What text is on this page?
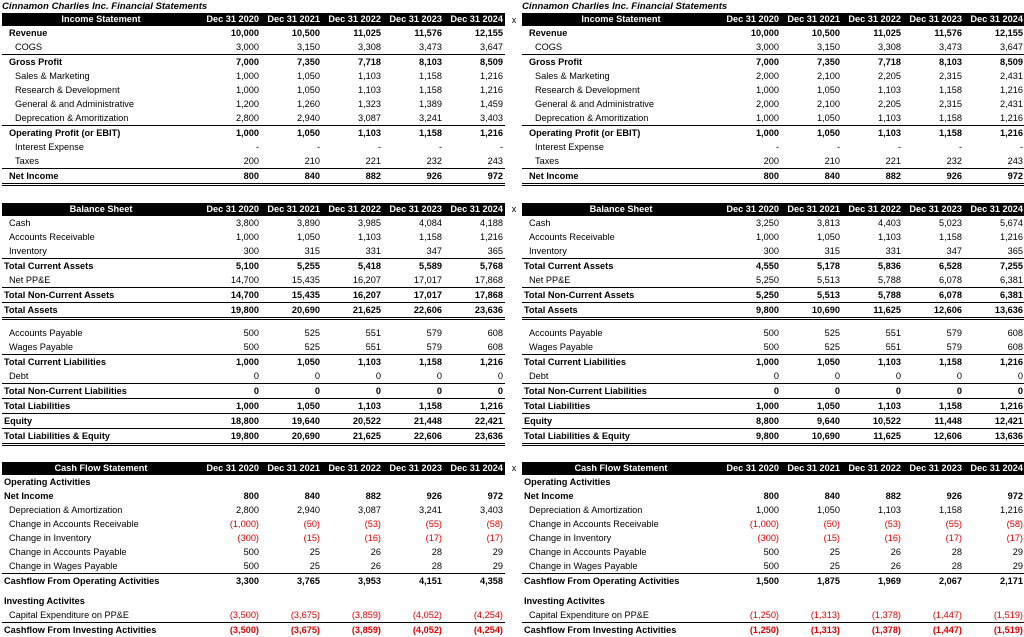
Cinnamon Charlies Inc. Financial Statements
Income Statement	Dec 31 2020	Dec 31 2021	Dec 31 2022	Dec 31 2023	Dec 31 2024
Revenue	10,000	10,500	11,025	11,576	12,155
COGS	3,000	3,150	3,308	3,473	3,647
Gross Profit	7,000	7,350	7,718	8,103	8,509
Sales & Marketing	1,000	1,050	1,103	1,158	1,216
Research & Development	1,000	1,050	1,103	1,158	1,216
General & and Administrative	1,200	1,260	1,323	1,389	1,459
Deprecation & Amoritization	2,800	2,940	3,087	3,241	3,403
Operating Profit (or EBIT)	1,000	1,050	1,103	1,158	1,216
Interest Expense	-	-	-	-	-
Taxes	200	210	221	232	243
Net Income	800	840	882	926	972
Balance Sheet	Dec 31 2020	Dec 31 2021	Dec 31 2022	Dec 31 2023	Dec 31 2024
Cash	3,800	3,890	3,985	4,084	4,188
Accounts Receivable	1,000	1,050	1,103	1,158	1,216
Inventory	300	315	331	347	365
Total Current Assets	5,100	5,255	5,418	5,589	5,768
Net PP&E	14,700	15,435	16,207	17,017	17,868
Total Non-Current Assets	14,700	15,435	16,207	17,017	17,868
Total Assets	19,800	20,690	21,625	22,606	23,636

Accounts Payable	500	525	551	579	608
Wages Payable	500	525	551	579	608
Total Current Liabilities	1,000	1,050	1,103	1,158	1,216
Debt	0	0	0	0	0
Total Non-Current Liabilities	0	0	0	0	0
Total Liabilities	1,000	1,050	1,103	1,158	1,216
Equity	18,800	19,640	20,522	21,448	22,421
Total Liabilities & Equity	19,800	20,690	21,625	22,606	23,636
Cash Flow Statement	Dec 31 2020	Dec 31 2021	Dec 31 2022	Dec 31 2023	Dec 31 2024
Operating Activities					
Net Income	800	840	882	926	972
Depreciation & Amortization	2,800	2,940	3,087	3,241	3,403
Change in Accounts Receivable	(1,000)	(50)	(53)	(55)	(58)
Change in Inventory	(300)	(15)	(16)	(17)	(17)
Change in Accounts Payable	500	25	26	28	29
Change in Wages Payable	500	25	26	28	29
Cashflow From Operating Activities	3,300	3,765	3,953	4,151	4,358

Investing Activites					
Capital Expenditure on PP&E	(3,500)	(3,675)	(3,859)	(4,052)	(4,254)
Cashflow From Investing Activities	(3,500)	(3,675)	(3,859)	(4,052)	(4,254)
x
x
x
Cinnamon Charlies Inc. Financial Statements
Income Statement	Dec 31 2020	Dec 31 2021	Dec 31 2022	Dec 31 2023	Dec 31 2024
Revenue	10,000	10,500	11,025	11,576	12,155
COGS	3,000	3,150	3,308	3,473	3,647
Gross Profit	7,000	7,350	7,718	8,103	8,509
Sales & Marketing	2,000	2,100	2,205	2,315	2,431
Research & Development	1,000	1,050	1,103	1,158	1,216
General & and Administrative	2,000	2,100	2,205	2,315	2,431
Deprecation & Amoritization	1,000	1,050	1,103	1,158	1,216
Operating Profit (or EBIT)	1,000	1,050	1,103	1,158	1,216
Interest Expense	-	-	-	-	-
Taxes	200	210	221	232	243
Net Income	800	840	882	926	972
Balance Sheet	Dec 31 2020	Dec 31 2021	Dec 31 2022	Dec 31 2023	Dec 31 2024
Cash	3,250	3,813	4,403	5,023	5,674
Accounts Receivable	1,000	1,050	1,103	1,158	1,216
Inventory	300	315	331	347	365
Total Current Assets	4,550	5,178	5,836	6,528	7,255
Net PP&E	5,250	5,513	5,788	6,078	6,381
Total Non-Current Assets	5,250	5,513	5,788	6,078	6,381
Total Assets	9,800	10,690	11,625	12,606	13,636

Accounts Payable	500	525	551	579	608
Wages Payable	500	525	551	579	608
Total Current Liabilities	1,000	1,050	1,103	1,158	1,216
Debt	0	0	0	0	0
Total Non-Current Liabilities	0	0	0	0	0
Total Liabilities	1,000	1,050	1,103	1,158	1,216
Equity	8,800	9,640	10,522	11,448	12,421
Total Liabilities & Equity	9,800	10,690	11,625	12,606	13,636
Cash Flow Statement	Dec 31 2020	Dec 31 2021	Dec 31 2022	Dec 31 2023	Dec 31 2024
Operating Activities					
Net Income	800	840	882	926	972
Depreciation & Amortization	1,000	1,050	1,103	1,158	1,216
Change in Accounts Receivable	(1,000)	(50)	(53)	(55)	(58)
Change in Inventory	(300)	(15)	(16)	(17)	(17)
Change in Accounts Payable	500	25	26	28	29
Change in Wages Payable	500	25	26	28	29
Cashflow From Operating Activities	1,500	1,875	1,969	2,067	2,171

Investing Activites					
Capital Expenditure on PP&E	(1,250)	(1,313)	(1,378)	(1,447)	(1,519)
Cashflow From Investing Activities	(1,250)	(1,313)	(1,378)	(1,447)	(1,519)
